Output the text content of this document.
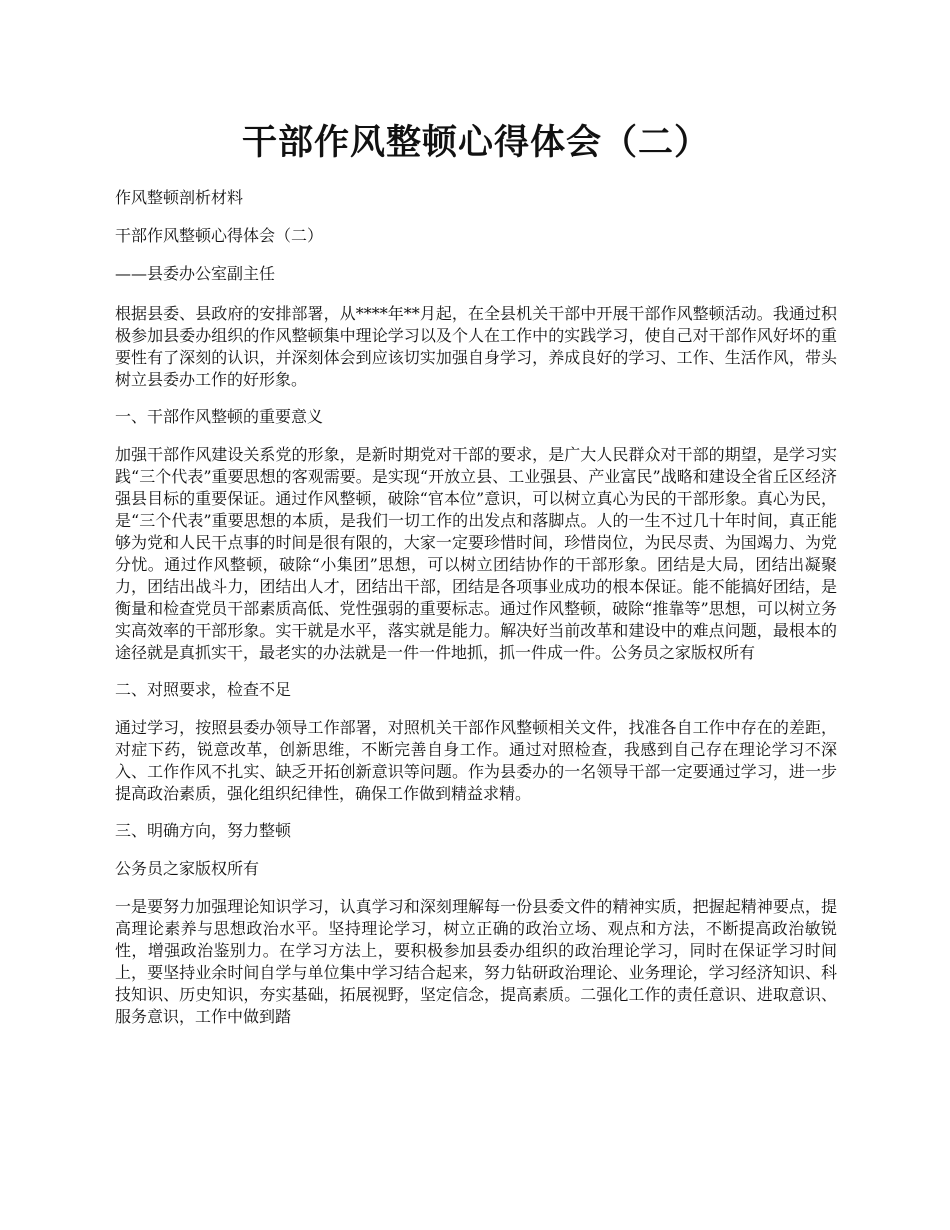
干部作风整顿心得体会（二）
作风整顿剖析材料
干部作风整顿心得体会（二）
——县委办公室副主任
根据县委、县政府的安排部署，从****年**月起，在全县机关干部中开展干部作风整顿活动。我通过积极参加县委办组织的作风整顿集中理论学习以及个人在工作中的实践学习，使自己对干部作风好坏的重要性有了深刻的认识，并深刻体会到应该切实加强自身学习，养成良好的学习、工作、生活作风，带头树立县委办工作的好形象。
一、干部作风整顿的重要意义
加强干部作风建设关系党的形象，是新时期党对干部的要求，是广大人民群众对干部的期望，是学习实践“三个代表”重要思想的客观需要。是实现“开放立县、工业强县、产业富民”战略和建设全省丘区经济强县目标的重要保证。通过作风整顿，破除“官本位”意识，可以树立真心为民的干部形象。真心为民，是“三个代表”重要思想的本质，是我们一切工作的出发点和落脚点。人的一生不过几十年时间，真正能够为党和人民干点事的时间是很有限的，大家一定要珍惜时间，珍惜岗位，为民尽责、为国竭力、为党分忧。通过作风整顿，破除“小集团”思想，可以树立团结协作的干部形象。团结是大局，团结出凝聚力，团结出战斗力，团结出人才，团结出干部，团结是各项事业成功的根本保证。能不能搞好团结，是衡量和检查党员干部素质高低、党性强弱的重要标志。通过作风整顿，破除“推靠等”思想，可以树立务实高效率的干部形象。实干就是水平，落实就是能力。解决好当前改革和建设中的难点问题，最根本的途径就是真抓实干，最老实的办法就是一件一件地抓，抓一件成一件。公务员之家版权所有
二、对照要求，检查不足
通过学习，按照县委办领导工作部署，对照机关干部作风整顿相关文件，找准各自工作中存在的差距，对症下药，锐意改革，创新思维，不断完善自身工作。通过对照检查，我感到自己存在理论学习不深入、工作作风不扎实、缺乏开拓创新意识等问题。作为县委办的一名领导干部一定要通过学习，进一步提高政治素质，强化组织纪律性，确保工作做到精益求精。
三、明确方向，努力整顿
公务员之家版权所有
一是要努力加强理论知识学习，认真学习和深刻理解每一份县委文件的精神实质，把握起精神要点，提高理论素养与思想政治水平。坚持理论学习，树立正确的政治立场、观点和方法，不断提高政治敏锐性，增强政治鉴别力。在学习方法上，要积极参加县委办组织的政治理论学习，同时在保证学习时间上，要坚持业余时间自学与单位集中学习结合起来，努力钻研政治理论、业务理论，学习经济知识、科技知识、历史知识，夯实基础，拓展视野，坚定信念，提高素质。二强化工作的责任意识、进取意识、服务意识，工作中做到踏
